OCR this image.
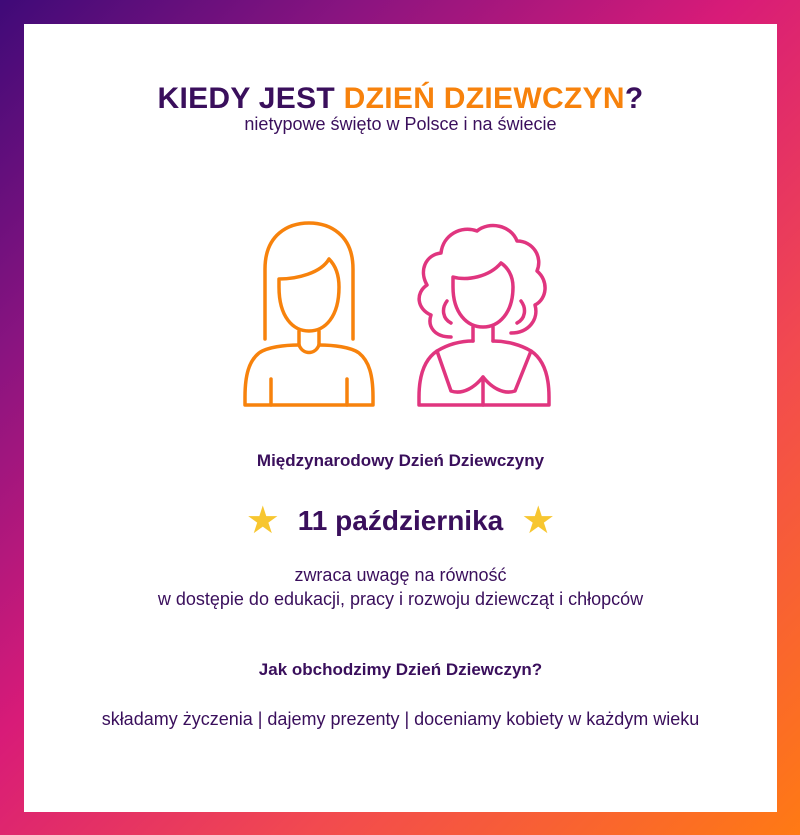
KIEDY JEST DZIEŃ DZIEWCZYN?
nietypowe święto w Polsce i na świecie
Międzynarodowy Dzień Dziewczyny
★ 11 października ★
zwraca uwagę na równość
w dostępie do edukacji, pracy i rozwoju dziewcząt i chłopców
Jak obchodzimy Dzień Dziewczyn?
składamy życzenia | dajemy prezenty | doceniamy kobiety w każdym wieku
